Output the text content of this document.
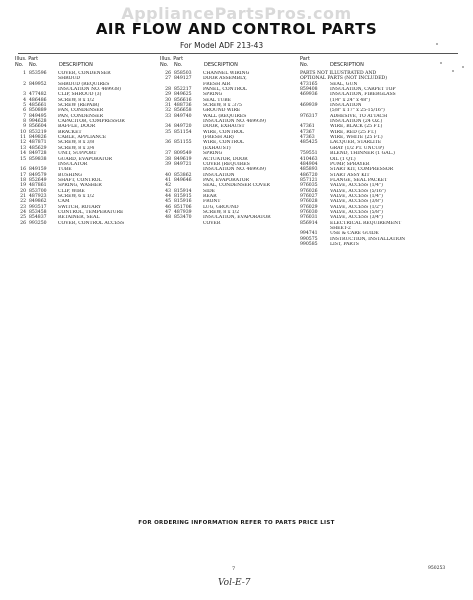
AppliancePartsPros.com
AIR FLOW AND CONTROL PARTS
For Model ADF 213-43
Illus. Part
No. No.	DESCRIPTION
1 853596	COVER, CONDENSER
SHROUD
2 849952	SHROUD (REQUIRES
INSULATION NO. 469938)
3 477482	CLIP, SHROUD (3)
4 486486	SCREW, 8 x 1/2
5 485661	SCREW (REPAIR)
6 850889	FAN, CONDENSER
7 849495	PAN, CONDENSER
8 994628	CAPACITOR, COMPRESSOR
9 856604	BAFFLE, DOOR
10 853219	BRACKET
11 849826	CABLE, APPLIANCE
12 487871	SCREW, 8 x 3/8
13 485629	SCREW, 8 x 3/4
14 849728	UNIT, SUPPORT
15 859838	GUARD, EVAPORATOR
INSULATOR
16 849159	TUBE
17 849579	BUSHING
18 852649	SHAFT, CONTROL
19 487861	SPRING, WASHER
20 853700	CLIP, WIRE
21 487923	SCREW, 6 x 1/2
22 849862	CAM
23 993517	SWITCH, ROTARY
24 853458	CONTROL, TEMPERATURE
25 854837	RETAINER, SEAL
26 993250	COVER, CONTROL ACCESS
Illus. Part
No. No.	DESCRIPTION
26 858503	CHANNEL WIRING
27 849127	DOOR ASSEMBLY,
FRESH AIR
28 852217	PANEL, CONTROL
29 849625	SPRING
30 856616	SEAL TUBE
31 488736	SCREW, 8 x .375
32 856658	GROUND WIRE
33 849740	WALL (REQUIRES
INSULATION NO. 469939)
34 849720	DOOR, EXHAUST
35 851154	WIRE, CONTROL
(FRESH AIR)
36 851155	WIRE, CONTROL
(EXHAUST)
37 809549	SPRING
38 849619	ACTUATOR, DOOR
39 849721	COVER (REQUIRES
INSULATION NO. 469939)
40 853862	INSULATION
41 849646	PAN, EVAPORATOR
42	SEAL, CONDENSER COVER
43 815914	SIDE
44 815915	REAR
45 815916	FRONT
46 851706	LUG, GROUND
47 487939	SCREW, 8 x 1/2
48 853470	INSULATION, EVAPORATOR
COVER
Part
No.	DESCRIPTION
PARTS NOT ILLUSTRATED AND
OPTIONAL PARTS (NOT INCLUDED)
473165	SEAL, GUN
859408	INSULATION, CARPET TOP
469936	INSULATION, FIBERGLASS
(1/4" x 24" x 48")
469939	INSULATION
(5/8" x 17" x 25-15/16")
976317	ADHESIVE, TO ATTACH
INSULATION (24 OZ.)
47361	WIRE, BLACK (25 FT.)
47367	WIRE, RED (25 FT.)
47363	WIRE, WHITE (25 FT.)
485425	LACQUER, STARLITE
GRAY (1/2 PT. UNCUP)
759551	BLEND, THINNER (1 GAL.)
410463	OIL (1 QT.)
484904	PUMP, SPRAYER
485893	START KIT, COMPRESSOR
486720	START ASSY KIT
857121	FLANGE, SEAL PACKET
976035	VALVE, ACCESS (1/4")
976026	VALVE, ACCESS (5/16")
976027	VALVE, ACCESS (1/4")
976028	VALVE, ACCESS (3/8")
976029	VALVE, ACCESS (1/2")
976030	VALVE, ACCESS (5/8")
976031	VALVE, ACCESS (3/4")
856914	ELECTRICAL REQUIREMENT
SHEET-2
994741	USE & CARE GUIDE
990575	INSTRUCTION, INSTALLATION
990585	LIST, PARTS
FOR ORDERING INFORMATION REFER TO PARTS PRICE LIST
7	950253
Vol-E-7
